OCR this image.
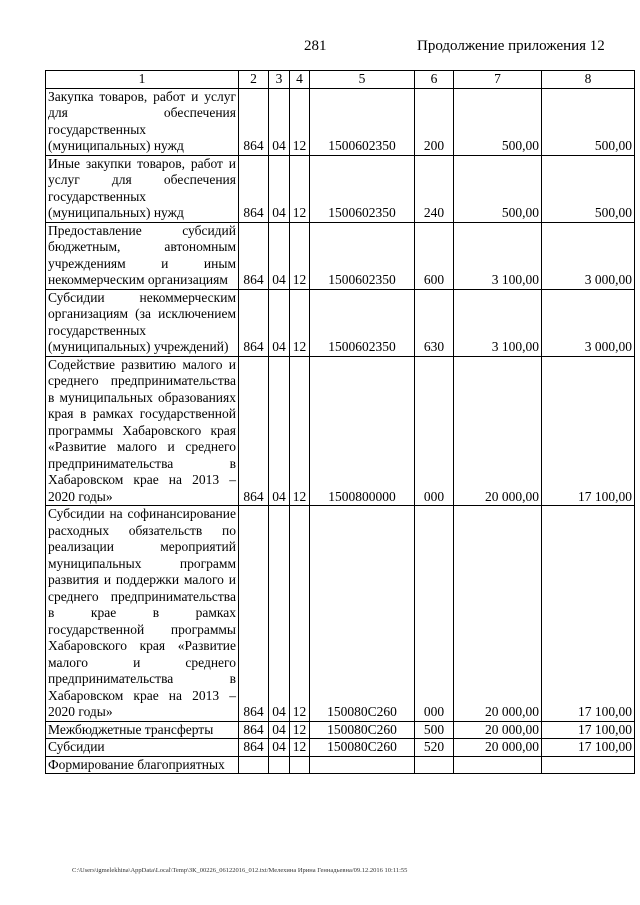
281	Продолжение приложения 12
1	2	3	4	5	6	7	8
Закупка товаров, работ и услуг для обеспечения государственных (муниципальных) нужд	864	04	12	1500602350	200	500,00	500,00
Иные закупки товаров, работ и услуг для обеспечения государственных (муниципальных) нужд	864	04	12	1500602350	240	500,00	500,00
Предоставление субсидий бюджетным, автономным учреждениям и иным некоммерческим организациям	864	04	12	1500602350	600	3 100,00	3 000,00
Субсидии некоммерческим организациям (за исключением государственных (муниципальных) учреждений)	864	04	12	1500602350	630	3 100,00	3 000,00
Содействие развитию малого и среднего предпринимательства в муниципальных образованиях края в рамках государственной программы Хабаровского края «Развитие малого и среднего предпринимательства в Хабаровском крае на 2013 – 2020 годы»	864	04	12	1500800000	000	20 000,00	17 100,00
Субсидии на софинансирование расходных обязательств по реализации мероприятий муниципальных программ развития и поддержки малого и среднего предпринимательства в крае в рамках государственной программы Хабаровского края «Развитие малого и среднего предпринимательства в Хабаровском крае на 2013 – 2020 годы»	864	04	12	150080С260	000	20 000,00	17 100,00
Межбюджетные трансферты	864	04	12	150080С260	500	20 000,00	17 100,00
Субсидии	864	04	12	150080С260	520	20 000,00	17 100,00
Формирование благоприятных							
C:\Users\igmelekhina\AppData\Local\Temp\ЗК_00226_06122016_012.txt/Мелехина Ирина Геннадьевна/09.12.2016 10:11:55
